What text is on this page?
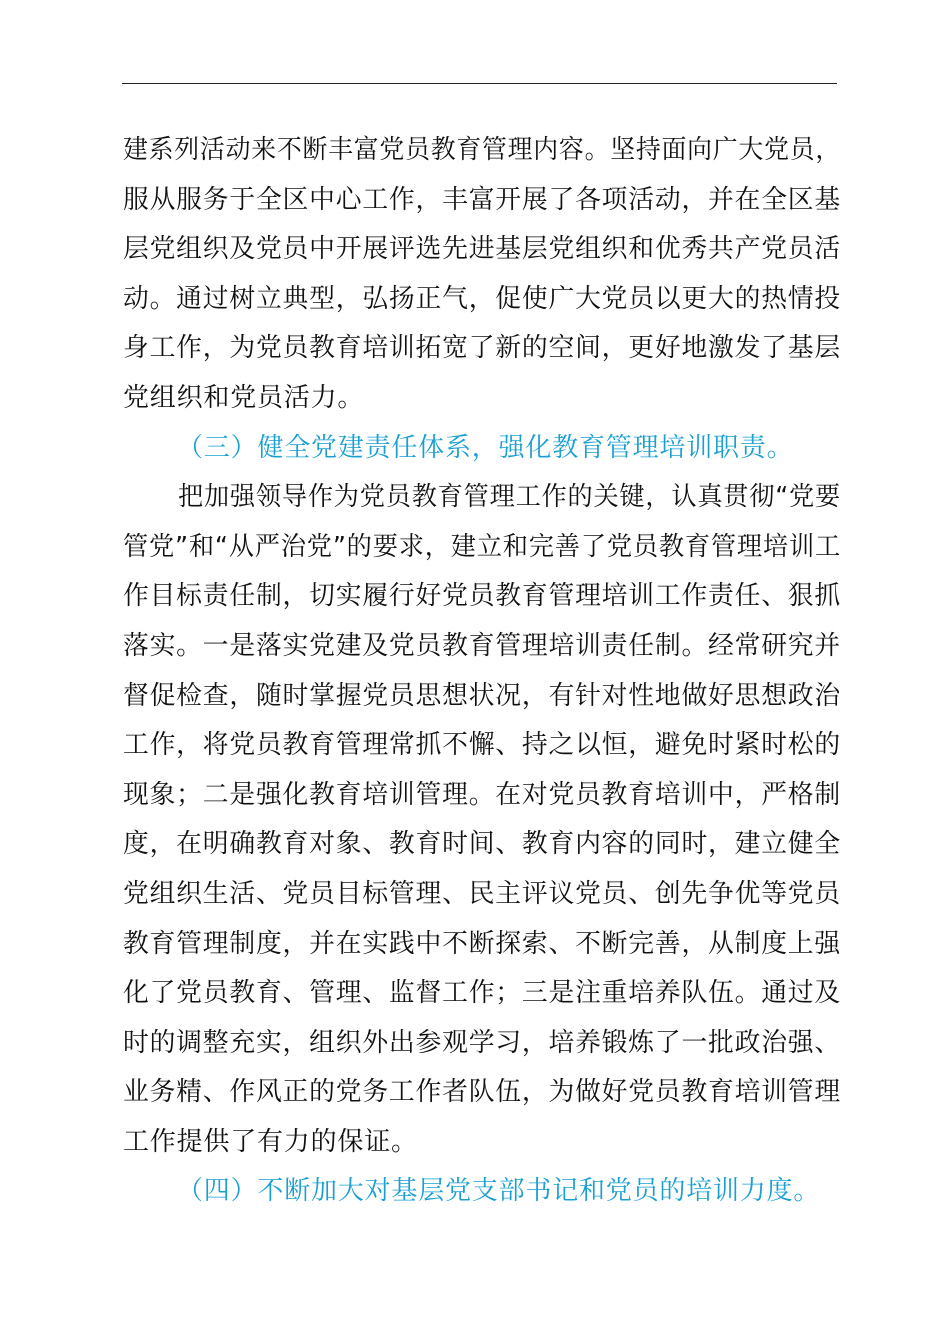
建系列活动来不断丰富党员教育管理内容。坚持面向广大党员，
服从服务于全区中心工作，丰富开展了各项活动，并在全区基
层党组织及党员中开展评选先进基层党组织和优秀共产党员活
动。通过树立典型，弘扬正气，促使广大党员以更大的热情投
身工作，为党员教育培训拓宽了新的空间，更好地激发了基层
党组织和党员活力。
（三）健全党建责任体系，强化教育管理培训职责。
把加强领导作为党员教育管理工作的关键，认真贯彻“党要
管党”和“从严治党”的要求，建立和完善了党员教育管理培训工
作目标责任制，切实履行好党员教育管理培训工作责任、狠抓
落实。一是落实党建及党员教育管理培训责任制。经常研究并
督促检查，随时掌握党员思想状况，有针对性地做好思想政治
工作，将党员教育管理常抓不懈、持之以恒，避免时紧时松的
现象；二是强化教育培训管理。在对党员教育培训中，严格制
度，在明确教育对象、教育时间、教育内容的同时，建立健全
党组织生活、党员目标管理、民主评议党员、创先争优等党员
教育管理制度，并在实践中不断探索、不断完善，从制度上强
化了党员教育、管理、监督工作；三是注重培养队伍。通过及
时的调整充实，组织外出参观学习，培养锻炼了一批政治强、
业务精、作风正的党务工作者队伍，为做好党员教育培训管理
工作提供了有力的保证。
（四）不断加大对基层党支部书记和党员的培训力度。
